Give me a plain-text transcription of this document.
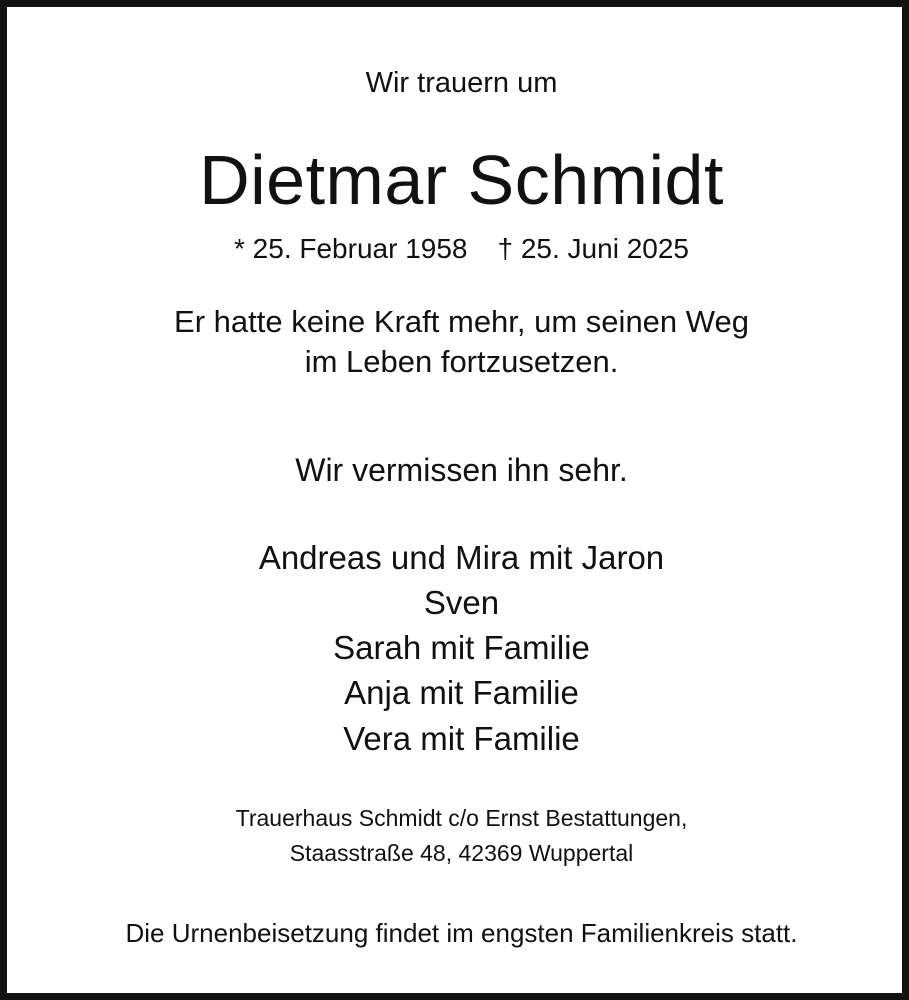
Wir trauern um
Dietmar Schmidt
* 25. Februar 1958 † 25. Juni 2025
Er hatte keine Kraft mehr, um seinen Weg
im Leben fortzusetzen.
Wir vermissen ihn sehr.
Andreas und Mira mit Jaron
Sven
Sarah mit Familie
Anja mit Familie
Vera mit Familie
Trauerhaus Schmidt c/o Ernst Bestattungen,
Staasstraße 48, 42369 Wuppertal
Die Urnenbeisetzung findet im engsten Familienkreis statt.
